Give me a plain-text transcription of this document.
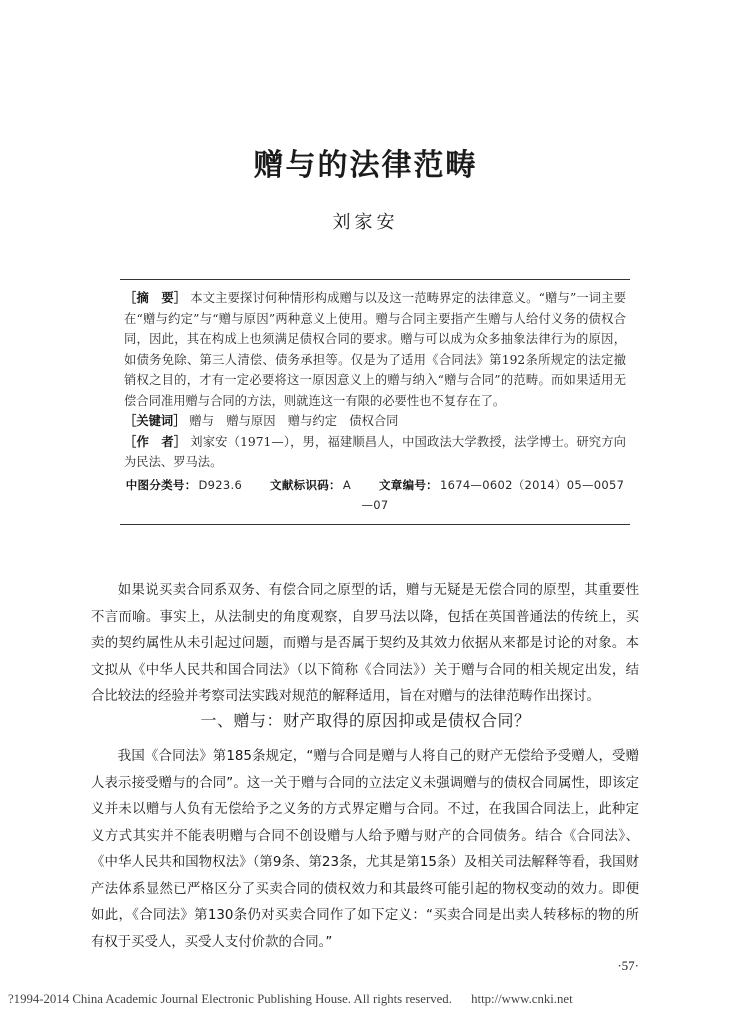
赠与的法律范畴
刘家安

［摘　要］ 本文主要探讨何种情形构成赠与以及这一范畴界定的法律意义。“赠与”一词主要在“赠与约定”与“赠与原因”两种意义上使用。赠与合同主要指产生赠与人给付义务的债权合同，因此，其在构成上也须满足债权合同的要求。赠与可以成为众多抽象法律行为的原因，如债务免除、第三人清偿、债务承担等。仅是为了适用《合同法》第192条所规定的法定撤销权之目的，才有一定必要将这一原因意义上的赠与纳入“赠与合同”的范畴。而如果适用无偿合同准用赠与合同的方法，则就连这一有限的必要性也不复存在了。

［关键词］ 赠与　赠与原因　赠与约定　债权合同

［作　者］ 刘家安（1971—），男，福建顺昌人，中国政法大学教授，法学博士。研究方向为民法、罗马法。

中图分类号： D923.6 文献标识码： A 文章编号： 1674—0602（2014）05—0057—07

如果说买卖合同系双务、有偿合同之原型的话，赠与无疑是无偿合同的原型，其重要性不言而喻。事实上，从法制史的角度观察，自罗马法以降，包括在英国普通法的传统上，买卖的契约属性从未引起过问题，而赠与是否属于契约及其效力依据从来都是讨论的对象。本文拟从《中华人民共和国合同法》（以下简称《合同法》）关于赠与合同的相关规定出发，结合比较法的经验并考察司法实践对规范的解释适用，旨在对赠与的法律范畴作出探讨。

一、赠与：财产取得的原因抑或是债权合同？

我国《合同法》第185条规定，“赠与合同是赠与人将自己的财产无偿给予受赠人，受赠人表示接受赠与的合同”。这一关于赠与合同的立法定义未强调赠与的债权合同属性，即该定义并未以赠与人负有无偿给予之义务的方式界定赠与合同。不过，在我国合同法上，此种定义方式其实并不能表明赠与合同不创设赠与人给予赠与财产的合同债务。结合《合同法》、《中华人民共和国物权法》（第9条、第23条，尤其是第15条）及相关司法解释等看，我国财产法体系显然已严格区分了买卖合同的债权效力和其最终可能引起的物权变动的效力。即便如此，《合同法》第130条仍对买卖合同作了如下定义：“买卖合同是出卖人转移标的物的所有权于买受人，买受人支付价款的合同。”

·57·
?1994-2014 China Academic Journal Electronic Publishing House. All rights reserved. http://www.cnki.net
